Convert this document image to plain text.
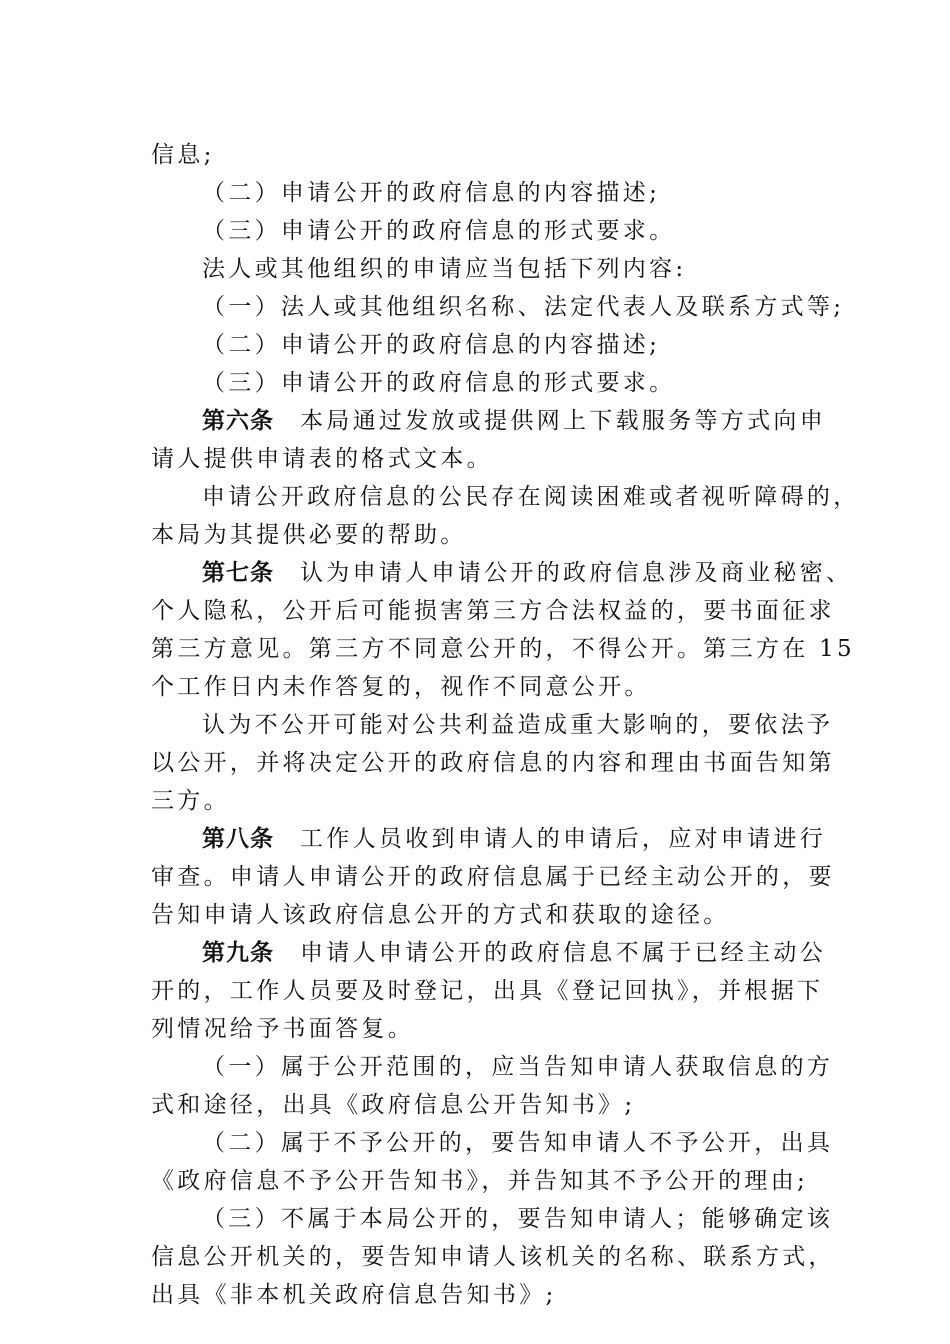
信息;
（二）申请公开的政府信息的内容描述;
（三）申请公开的政府信息的形式要求。
法人或其他组织的申请应当包括下列内容:
（一）法人或其他组织名称、法定代表人及联系方式等;
（二）申请公开的政府信息的内容描述;
（三）申请公开的政府信息的形式要求。
第六条 本局通过发放或提供网上下载服务等方式向申
请人提供申请表的格式文本。
申请公开政府信息的公民存在阅读困难或者视听障碍的，
本局为其提供必要的帮助。
第七条 认为申请人申请公开的政府信息涉及商业秘密、
个人隐私，公开后可能损害第三方合法权益的，要书面征求
第三方意见。第三方不同意公开的，不得公开。第三方在 15
个工作日内未作答复的，视作不同意公开。
认为不公开可能对公共利益造成重大影响的，要依法予
以公开，并将决定公开的政府信息的内容和理由书面告知第
三方。
第八条 工作人员收到申请人的申请后，应对申请进行
审查。申请人申请公开的政府信息属于已经主动公开的，要
告知申请人该政府信息公开的方式和获取的途径。
第九条 申请人申请公开的政府信息不属于已经主动公
开的，工作人员要及时登记，出具《登记回执》，并根据下
列情况给予书面答复。
（一）属于公开范围的，应当告知申请人获取信息的方
式和途径，出具《政府信息公开告知书》;
（二）属于不予公开的，要告知申请人不予公开，出具
《政府信息不予公开告知书》，并告知其不予公开的理由;
（三）不属于本局公开的，要告知申请人；能够确定该
信息公开机关的，要告知申请人该机关的名称、联系方式，
出具《非本机关政府信息告知书》;
